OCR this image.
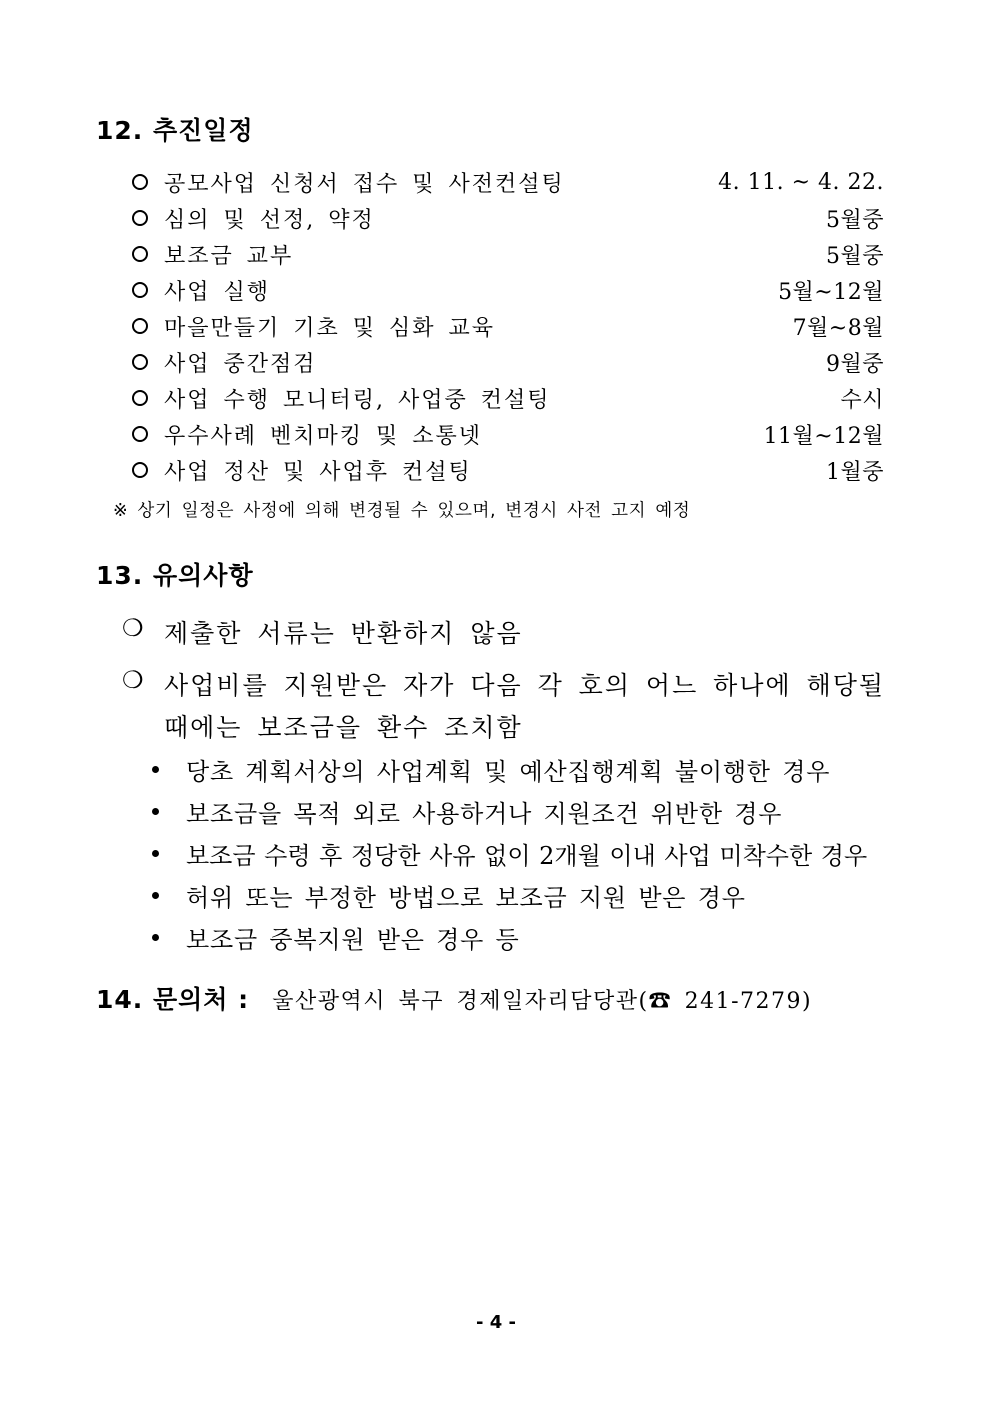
12. 추진일정
공모사업 신청서 접수 및 사전컨설팅	4. 11. ~ 4. 22.
심의 및 선정, 약정	5월중
보조금 교부	5월중
사업 실행	5월~12월
마을만들기 기초 및 심화 교육	7월~8월
사업 중간점검	9월중
사업 수행 모니터링, 사업중 컨설팅	수시
우수사례 벤치마킹 및 소통넷	11월~12월
사업 정산 및 사업후 컨설팅	1월중
※ 상기 일정은 사정에 의해 변경될 수 있으며, 변경시 사전 고지 예정
13. 유의사항
❍ 제출한 서류는 반환하지 않음
❍ 사업비를 지원받은 자가 다음 각 호의 어느 하나에 해당될
때에는 보조금을 환수 조치함
당초 계획서상의 사업계획 및 예산집행계획 불이행한 경우
보조금을 목적 외로 사용하거나 지원조건 위반한 경우
보조금 수령 후 정당한 사유 없이 2개월 이내 사업 미착수한 경우
허위 또는 부정한 방법으로 보조금 지원 받은 경우
보조금 중복지원 받은 경우 등
14. 문의처 : 울산광역시 북구 경제일자리담당관(☎ 241-7279)
- 4 -
